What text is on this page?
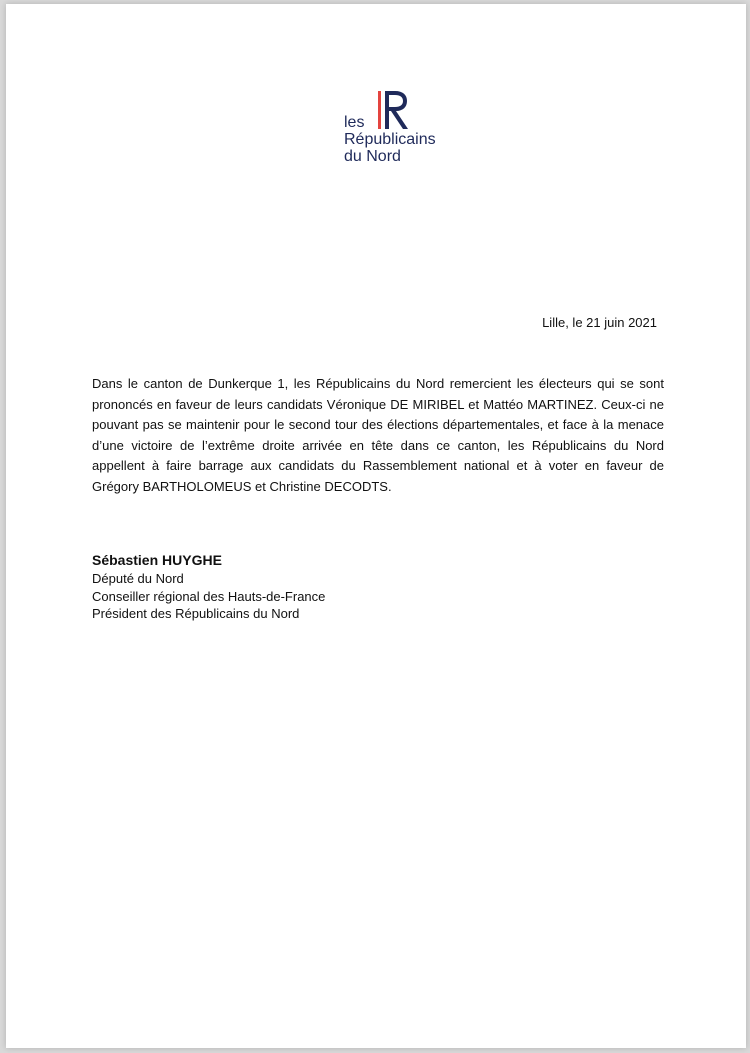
les
Républicains
du Nord
Lille, le 21 juin 2021

Dans le canton de Dunkerque 1, les Républicains du Nord remercient les électeurs qui se sont prononcés en faveur de leurs candidats Véronique DE MIRIBEL et Mattéo MARTINEZ. Ceux-ci ne pouvant pas se maintenir pour le second tour des élections départementales, et face à la menace d’une victoire de l’extrême droite arrivée en tête dans ce canton, les Républicains du Nord appellent à faire barrage aux candidats du Rassemblement national et à voter en faveur de Grégory BARTHOLOMEUS et Christine DECODTS.

Sébastien HUYGHE
Député du Nord
Conseiller régional des Hauts-de-France
Président des Républicains du Nord
